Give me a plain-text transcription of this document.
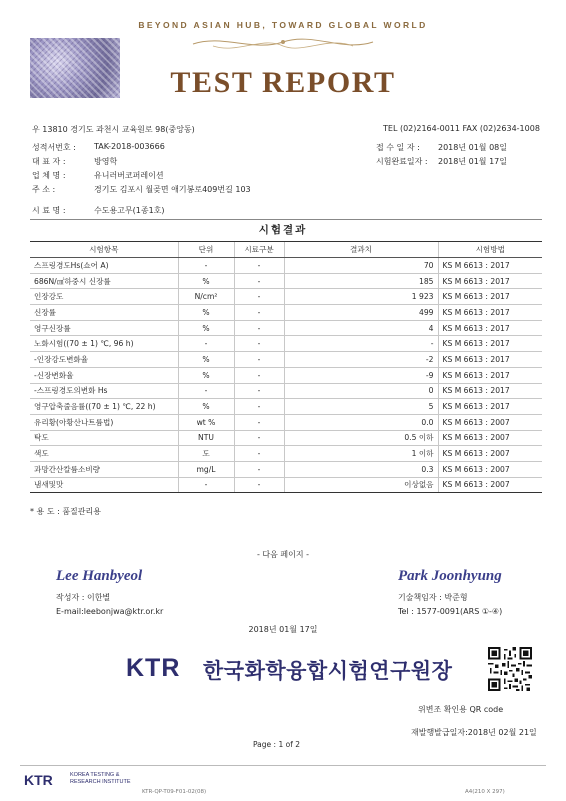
BEYOND ASIAN HUB, TOWARD GLOBAL WORLD
TEST REPORT
우 13810 경기도 과천시 교육원로 98(중앙동)	TEL (02)2164-0011 FAX (02)2634-1008
성적서번호 : TAK-2018-003666
대 표 자 :	방영학
업 체 명 :	유니러버코퍼레이션
주 소 :	경기도 김포시 월곶면 애기봉로409번길 103
시 료 명 :	수도용고무(1종1호)
접 수 일 자 : 2018년 01월 08일
시험완료일자 : 2018년 01월 17일
시험결과
시험항목	단위	시료구분	결과치	시험방법
스프링경도Hs(쇼어 A)	-	-	70	KS M 6613 : 2017
686N/㎠하중시 신장률	%	-	185	KS M 6613 : 2017
인장강도	N/cm²	-	1 923	KS M 6613 : 2017
신장률	%	-	499	KS M 6613 : 2017
영구신장률	%	-	4	KS M 6613 : 2017
노화시험((70 ± 1) ℃, 96 h)	-	-	-	KS M 6613 : 2017
-인장강도변화율	%	-	-2	KS M 6613 : 2017
-신장변화율	%	-	-9	KS M 6613 : 2017
-스프링경도의변화 Hs	-	-	0	KS M 6613 : 2017
영구압축줄음률((70 ± 1) ℃, 22 h)	%	-	5	KS M 6613 : 2017
유리황(아황산나트륨법)	wt %	-	0.0	KS M 6613 : 2007
탁도	NTU	-	0.5 이하	KS M 6613 : 2007
색도	도	-	1 이하	KS M 6613 : 2007
과망간산칼륨소비량	mg/L	-	0.3	KS M 6613 : 2007
냄새및맛	-	-	이상없음	KS M 6613 : 2007
* 용 도 : 품질관리용
- 다음 페이지 -
Lee Hanbyeol	Park Joonhyung
작성자 : 이한별
E-mail:leebonjwa@ktr.or.kr
기술책임자 : 박준형
Tel : 1577-0091(ARS ①-④)
2018년 01월 17일
KTR 한국화학융합시험연구원장
위변조 확인용 QR code
재발행발급일자:2018년 02월 21일
Page : 1 of 2
KTR	KOREA TESTING &
RESEARCH INSTITUTE
KTR-QP-T09-F01-02(08)	A4(210 X 297)
